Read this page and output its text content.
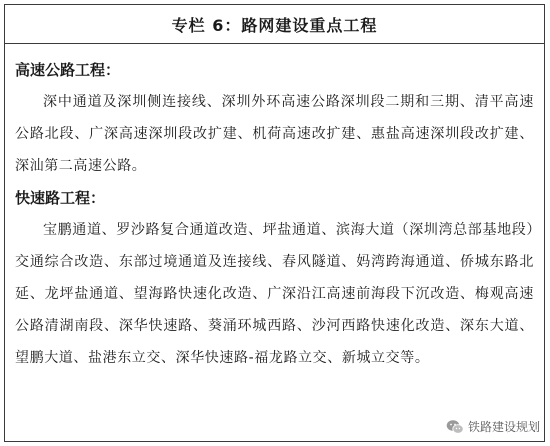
专栏 6：路网建设重点工程

高速公路工程：

深中通道及深圳侧连接线、深圳外环高速公路深圳段二期和三期、清平高速公路北段、广深高速深圳段改扩建、机荷高速改扩建、惠盐高速深圳段改扩建、深汕第二高速公路。

快速路工程：

宝鹏通道、罗沙路复合通道改造、坪盐通道、滨海大道（深圳湾总部基地段）交通综合改造、东部过境通道及连接线、春风隧道、妈湾跨海通道、侨城东路北延、龙坪盐通道、望海路快速化改造、广深沿江高速前海段下沉改造、梅观高速公路清湖南段、深华快速路、葵涌环城西路、沙河西路快速化改造、深东大道、望鹏大道、盐港东立交、深华快速路-福龙路立交、新城立交等。

铁路建设规划
